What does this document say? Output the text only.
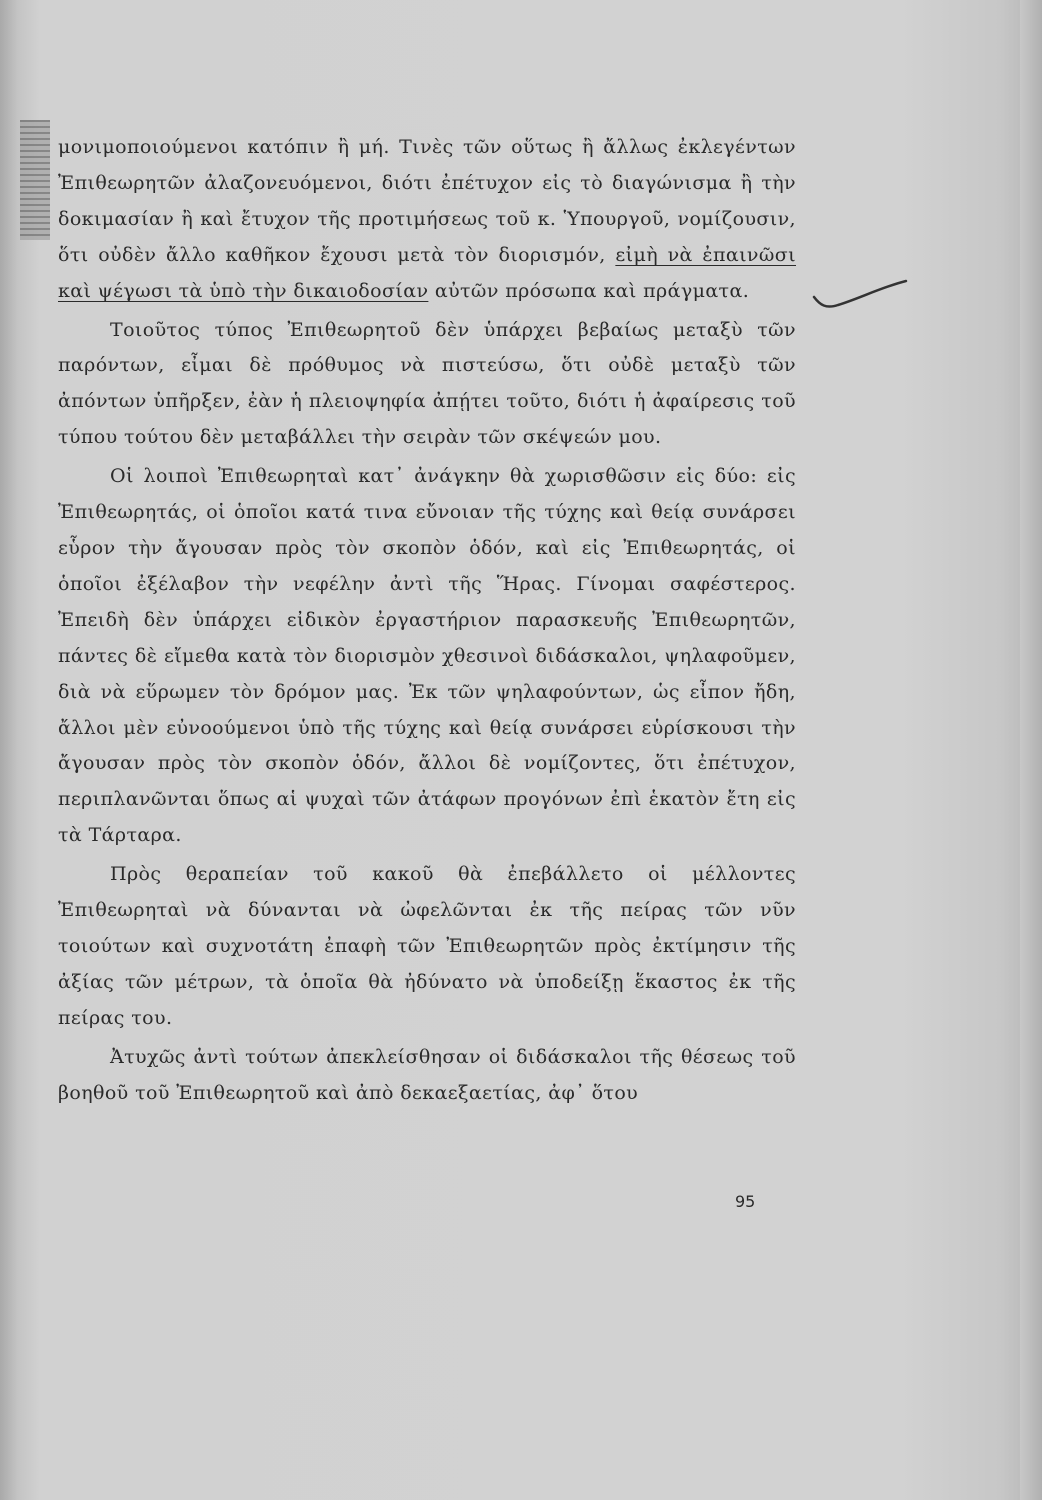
μονιμοποιούμενοι κατόπιν ἢ μή. Τινὲς τῶν οὕτως ἢ ἄλλως ἐκλεγέντων Ἐπιθεωρητῶν ἀλαζονευόμενοι, διότι ἐπέτυχον εἰς τὸ διαγώνισμα ἢ τὴν δοκιμασίαν ἢ καὶ ἔτυχον τῆς προτιμήσεως τοῦ κ. Ὑπουργοῦ, νομίζουσιν, ὅτι οὐδὲν ἄλλο καθῆκον ἔχουσι μετὰ τὸν διορισμόν, εἰμὴ νὰ ἐπαινῶσι καὶ ψέγωσι τὰ ὑπὸ τὴν δικαιοδοσίαν αὐτῶν πρόσωπα καὶ πράγματα.

Τοιοῦτος τύπος Ἐπιθεωρητοῦ δὲν ὑπάρχει βεβαίως μεταξὺ τῶν παρόντων, εἶμαι δὲ πρόθυμος νὰ πιστεύσω, ὅτι οὐδὲ μεταξὺ τῶν ἀπόντων ὑπῆρξεν, ἐὰν ἡ πλειοψηφία ἀπῄτει τοῦτο, διότι ἡ ἀφαίρεσις τοῦ τύπου τούτου δὲν μεταβάλλει τὴν σειρὰν τῶν σκέψεών μου.

Οἱ λοιποὶ Ἐπιθεωρηταὶ κατ᾿ ἀνάγκην θὰ χωρισθῶσιν εἰς δύο: εἰς Ἐπιθεωρητάς, οἱ ὁποῖοι κατά τινα εὔνοιαν τῆς τύχης καὶ θείᾳ συνάρσει εὗρον τὴν ἄγουσαν πρὸς τὸν σκοπὸν ὁδόν, καὶ εἰς Ἐπιθεωρητάς, οἱ ὁποῖοι ἐξέλαβον τὴν νεφέλην ἀντὶ τῆς Ἥρας. Γίνομαι σαφέστερος. Ἐπειδὴ δὲν ὑπάρχει εἰδικὸν ἐργαστήριον παρασκευῆς Ἐπιθεωρητῶν, πάντες δὲ εἴμεθα κατὰ τὸν διορισμὸν χθεσινοὶ διδάσκαλοι, ψηλαφοῦμεν, διὰ νὰ εὕρωμεν τὸν δρόμον μας. Ἐκ τῶν ψηλαφούντων, ὡς εἶπον ἤδη, ἄλλοι μὲν εὐνοούμενοι ὑπὸ τῆς τύχης καὶ θείᾳ συνάρσει εὑρίσκουσι τὴν ἄγουσαν πρὸς τὸν σκοπὸν ὁδόν, ἄλλοι δὲ νομίζοντες, ὅτι ἐπέτυχον, περιπλανῶνται ὅπως αἱ ψυχαὶ τῶν ἀτάφων προγόνων ἐπὶ ἑκατὸν ἔτη εἰς τὰ Τάρταρα.

Πρὸς θεραπείαν τοῦ κακοῦ θὰ ἐπεβάλλετο οἱ μέλλοντες Ἐπιθεωρηταὶ νὰ δύνανται νὰ ὠφελῶνται ἐκ τῆς πείρας τῶν νῦν τοιούτων καὶ συχνοτάτη ἐπαφὴ τῶν Ἐπιθεωρητῶν πρὸς ἐκτίμησιν τῆς ἀξίας τῶν μέτρων, τὰ ὁποῖα θὰ ἠδύνατο νὰ ὑποδείξῃ ἕκαστος ἐκ τῆς πείρας του.

Ἀτυχῶς ἀντὶ τούτων ἀπεκλείσθησαν οἱ διδάσκαλοι τῆς θέσεως τοῦ βοηθοῦ τοῦ Ἐπιθεωρητοῦ καὶ ἀπὸ δεκαεξαετίας, ἀφ᾿ ὅτου

95
